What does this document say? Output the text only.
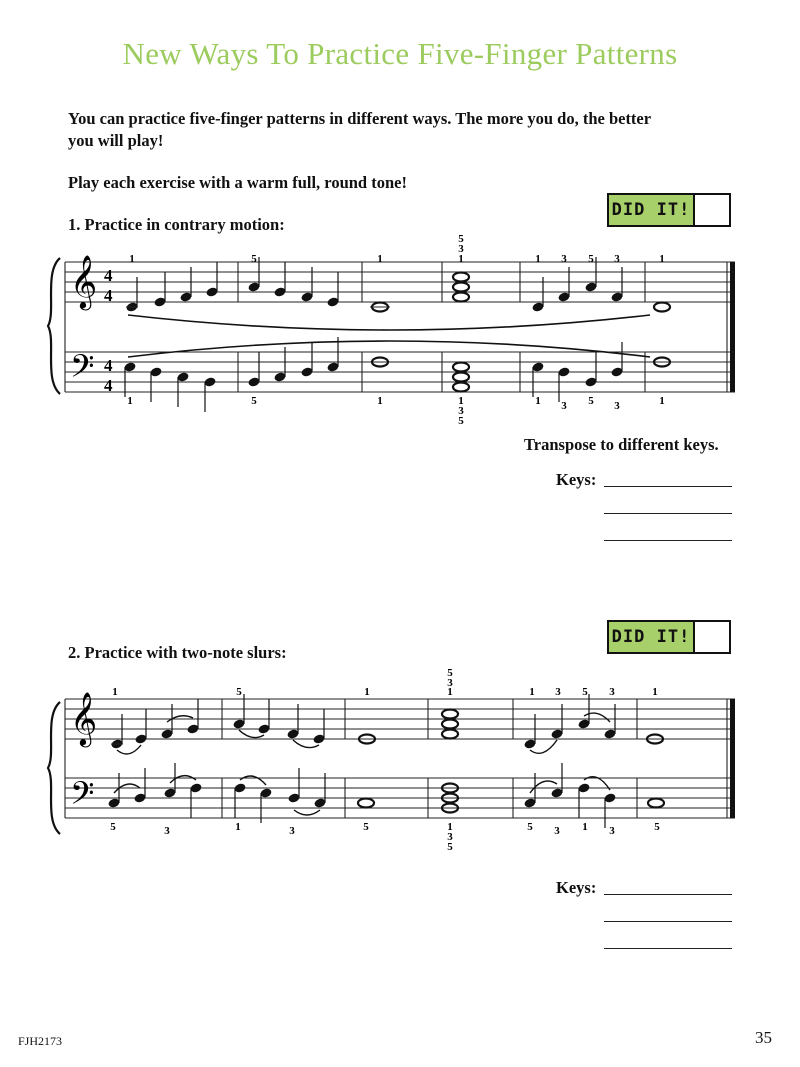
New Ways To Practice Five-Finger Patterns
You can practice five-finger patterns in different ways. The more you do, the better you will play!
Play each exercise with a warm full, round tone!
DID IT!
1. Practice in contrary motion:
𝄞
𝄢
4
4
4
4
1	5	1
5
3
1	1 3 5 3	1
1	5	1	1
3
5
1 3 5 3	1
Transpose to different keys.
Keys:
DID IT!
2. Practice with two-note slurs:
𝄞
𝄢
1	5	1
5
3
1	1 3 5 3	1
5	3	1	3	5	1
3
5
5 3 1 3	5
Keys:
FJH2173	35
